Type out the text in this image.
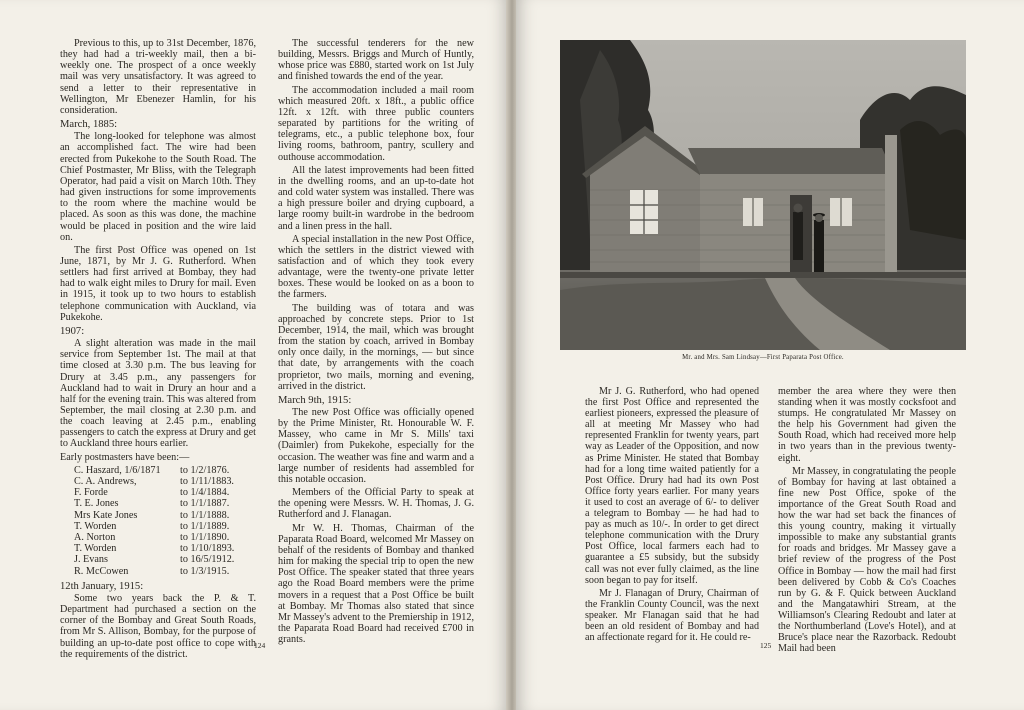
Previous to this, up to 31st December, 1876, they had had a tri-weekly mail, then a bi-weekly one. The prospect of a once weekly mail was very unsatisfactory. It was agreed to send a letter to their representative in Wellington, Mr Ebenezer Hamlin, for his consideration.

March, 1885:

The long-looked for telephone was almost an accomplished fact. The wire had been erected from Pukekohe to the South Road. The Chief Postmaster, Mr Bliss, with the Telegraph Operator, had paid a visit on March 10th. They had given instructions for some improvements to the room where the machine would be placed. As soon as this was done, the machine would be placed in position and the wire laid on.

The first Post Office was opened on 1st June, 1871, by Mr J. G. Rutherford. When settlers had first arrived at Bombay, they had had to walk eight miles to Drury for mail. Even in 1915, it took up to two hours to establish telephone communication with Auckland, via Pukekohe.

1907:

A slight alteration was made in the mail service from September 1st. The mail at that time closed at 3.30 p.m. The bus leaving for Drury at 3.45 p.m., any passengers for Auckland had to wait in Drury an hour and a half for the evening train. This was altered from September, the mail closing at 2.30 p.m. and the coach leaving at 2.45 p.m., enabling passengers to catch the express at Drury and get to Auckland three hours earlier.

Early postmasters have been:—

C. Haszard, 1/6/1871	to 1/2/1876.
C. A. Andrews,	to 1/11/1883.
F. Forde	to 1/4/1884.
T. E. Jones	to 1/1/1887.
Mrs Kate Jones	to 1/1/1888.
T. Worden	to 1/1/1889.
A. Norton	to 1/1/1890.
T. Worden	to 1/10/1893.
J. Evans	to 16/5/1912.
R. McCowen	to 1/3/1915.
12th January, 1915:

Some two years back the P. & T. Department had purchased a section on the corner of the Bombay and Great South Roads, from Mr S. Allison, Bombay, for the purpose of building an up-to-date post office to cope with the requirements of the district.

The successful tenderers for the new building, Messrs. Briggs and Murch of Huntly, whose price was £880, started work on 1st July and finished towards the end of the year.

The accommodation included a mail room which measured 20ft. x 18ft., a public office 12ft. x 12ft. with three public counters separated by partitions for the writing of telegrams, etc., a public telephone box, four living rooms, bathroom, pantry, scullery and outhouse accommodation.

All the latest improvements had been fitted in the dwelling rooms, and an up-to-date hot and cold water system was installed. There was a high pressure boiler and drying cupboard, a large roomy built-in wardrobe in the bedroom and a linen press in the hall.

A special installation in the new Post Office, which the settlers in the district viewed with satisfaction and of which they took every advantage, were the twenty-one private letter boxes. These would be looked on as a boon to the farmers.

The building was of totara and was approached by concrete steps. Prior to 1st December, 1914, the mail, which was brought from the station by coach, arrived in Bombay only once daily, in the mornings, — but since that date, by arrangements with the coach proprietor, two mails, morning and evening, arrived in the district.

March 9th, 1915:

The new Post Office was officially opened by the Prime Minister, Rt. Honourable W. F. Massey, who came in Mr S. Mills' taxi (Daimler) from Pukekohe, especially for the occasion. The weather was fine and warm and a large number of residents had assembled for this notable occasion.

Members of the Official Party to speak at the opening were Messrs. W. H. Thomas, J. G. Rutherford and J. Flanagan.

Mr W. H. Thomas, Chairman of the Paparata Road Board, welcomed Mr Massey on behalf of the residents of Bombay and thanked him for making the special trip to open the new Post Office. The speaker stated that three years ago the Road Board members were the prime movers in a request that a Post Office be built at Bombay. Mr Thomas also stated that since Mr Massey's advent to the Premiership in 1912, the Paparata Road Board had received £700 in grants.

124	125
Mr. and Mrs. Sam Lindsay—First Paparata Post Office.

Mr J. G. Rutherford, who had opened the first Post Office and represented the earliest pioneers, expressed the pleasure of all at meeting Mr Massey who had represented Franklin for twenty years, part way as Leader of the Opposition, and now as Prime Minister. He stated that Bombay had for a long time waited patiently for a Post Office. Drury had had its own Post Office forty years earlier. For many years it used to cost an average of 6/- to deliver a telegram to Bombay — he had had to pay as much as 10/-. In order to get direct telephone communication with the Drury Post Office, local farmers each had to guarantee a £5 subsidy, but the subsidy call was not ever fully claimed, as the line soon began to pay for itself.

Mr J. Flanagan of Drury, Chairman of the Franklin County Council, was the next speaker. Mr Flanagan said that he had been an old resident of Bombay and had an affectionate regard for it. He could re-

member the area where they were then standing when it was mostly cocksfoot and stumps. He congratulated Mr Massey on the help his Government had given the South Road, which had received more help in two years than in the previous twenty-eight.

Mr Massey, in congratulating the people of Bombay for having at last obtained a fine new Post Office, spoke of the importance of the Great South Road and how the war had set back the finances of this young country, making it virtually impossible to make any substantial grants for roads and bridges. Mr Massey gave a brief review of the progress of the Post Office in Bombay — how the mail had first been delivered by Cobb & Co's Coaches run by G. & F. Quick between Auckland and the Mangatawhiri Stream, at the Williamson's Clearing Redoubt and later at the Northumberland (Love's Hotel), and at Bruce's place near the Razorback. Redoubt Mail had been
